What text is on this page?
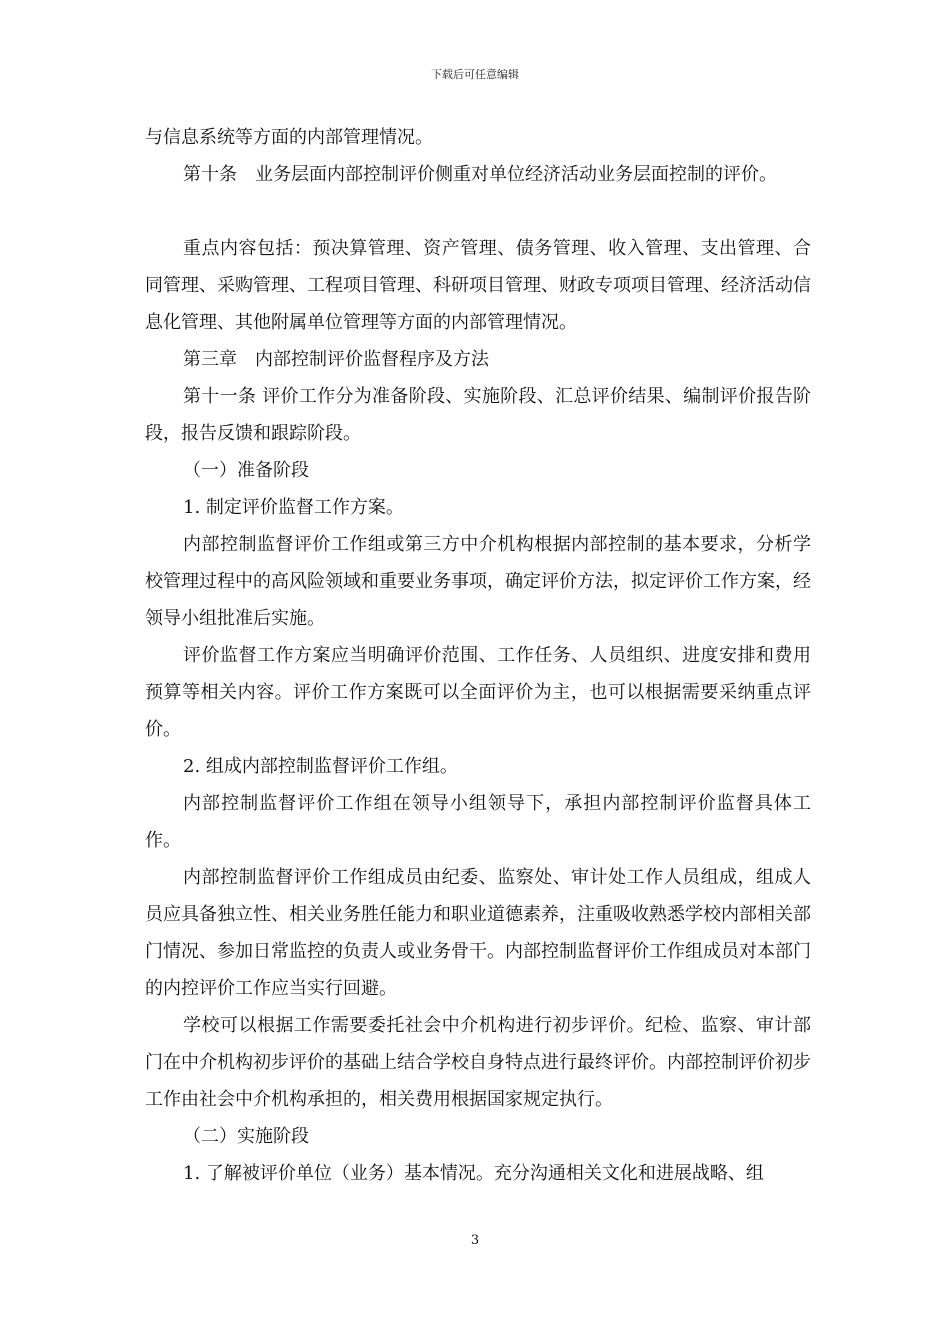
下载后可任意编辑

与信息系统等方面的内部管理情况。

第十条　业务层面内部控制评价侧重对单位经济活动业务层面控制的评价。

重点内容包括：预决算管理、资产管理、债务管理、收入管理、支出管理、合同管理、采购管理、工程项目管理、科研项目管理、财政专项项目管理、经济活动信息化管理、其他附属单位管理等方面的内部管理情况。

第三章　内部控制评价监督程序及方法

第十一条 评价工作分为准备阶段、实施阶段、汇总评价结果、编制评价报告阶段，报告反馈和跟踪阶段。

（一）准备阶段

1. 制定评价监督工作方案。

内部控制监督评价工作组或第三方中介机构根据内部控制的基本要求，分析学校管理过程中的高风险领域和重要业务事项，确定评价方法，拟定评价工作方案，经领导小组批准后实施。

评价监督工作方案应当明确评价范围、工作任务、人员组织、进度安排和费用预算等相关内容。评价工作方案既可以全面评价为主，也可以根据需要采纳重点评价。

2. 组成内部控制监督评价工作组。

内部控制监督评价工作组在领导小组领导下，承担内部控制评价监督具体工作。

内部控制监督评价工作组成员由纪委、监察处、审计处工作人员组成，组成人员应具备独立性、相关业务胜任能力和职业道德素养，注重吸收熟悉学校内部相关部门情况、参加日常监控的负责人或业务骨干。内部控制监督评价工作组成员对本部门的内控评价工作应当实行回避。

学校可以根据工作需要委托社会中介机构进行初步评价。纪检、监察、审计部门在中介机构初步评价的基础上结合学校自身特点进行最终评价。内部控制评价初步工作由社会中介机构承担的，相关费用根据国家规定执行。

（二）实施阶段

1. 了解被评价单位（业务）基本情况。充分沟通相关文化和进展战略、组

3
